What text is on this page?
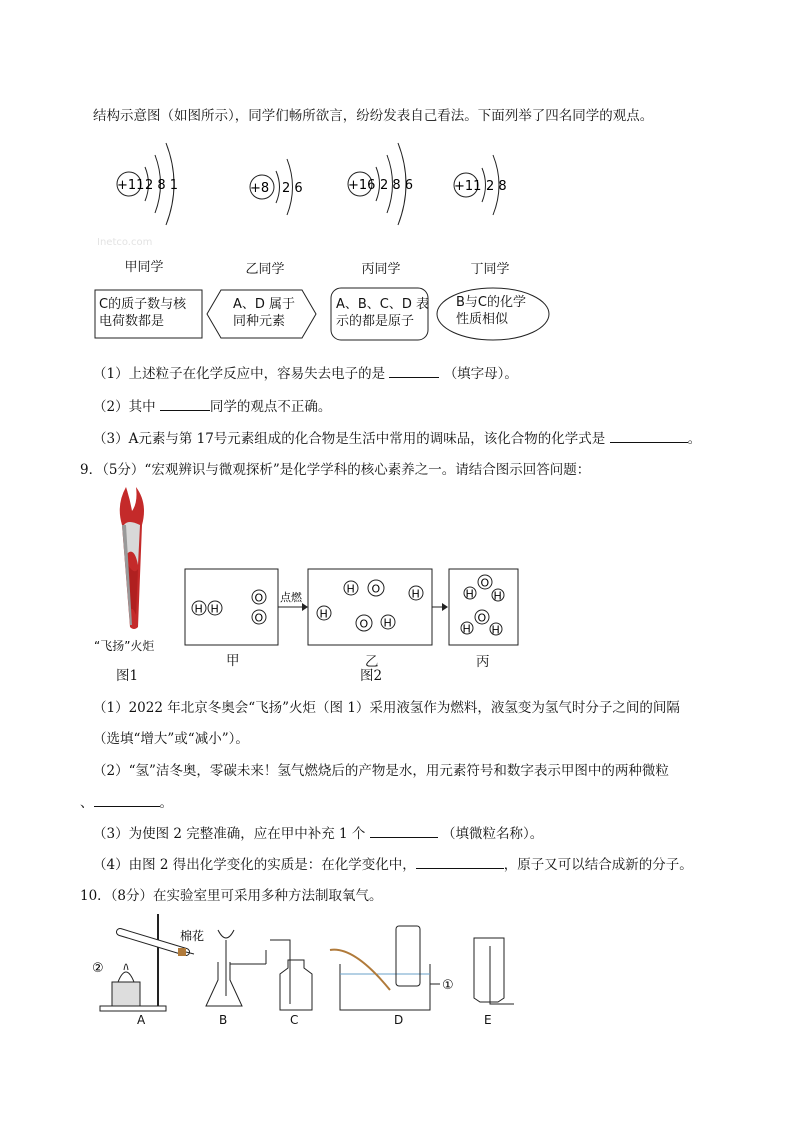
结构示意图（如图所示），同学们畅所欲言，纷纷发表自己看法。下面列举了四名同学的观点。
+11 2 8 1	+8 2 6	+16 2 8 6	+11 2 8
Inetco.com
甲同学	乙同学	丙同学	丁同学
C的质子数与核
电荷数都是
A、D 属于
同种元素
A、B、C、D 表
示的都是原子
B与C的化学
性质相似
（1）上述粒子在化学反应中，容易失去电子的是	（填字母）。
（2）其中	同学的观点不正确。
（3）A元素与第 17号元素组成的化合物是生活中常用的调味品，该化合物的化学式是	。
9．（5分）“宏观辨识与微观探析”是化学学科的核心素养之一。请结合图示回答问题：
“飞扬”火炬
图1
H H
O
O
点燃
H O	H
H
O H
O
H H
O
H H
甲	乙	丙
图2
（1）2022 年北京冬奥会“飞扬”火炬（图 1）采用液氢作为燃料，液氢变为氢气时分子之间的间隔
（选填“增大”或“减小”）。
（2）“氢”洁冬奥，零碳未来！氢气燃烧后的产物是水，用元素符号和数字表示甲图中的两种微粒
、	。
（3）为使图 2 完整准确，应在甲中补充 1 个	（填微粒名称）。
（4）由图 2 得出化学变化的实质是：在化学变化中，	，原子又可以结合成新的分子。
10．（8分）在实验室里可采用多种方法制取氧气。
棉花
②
①
A	B	C	D	E
